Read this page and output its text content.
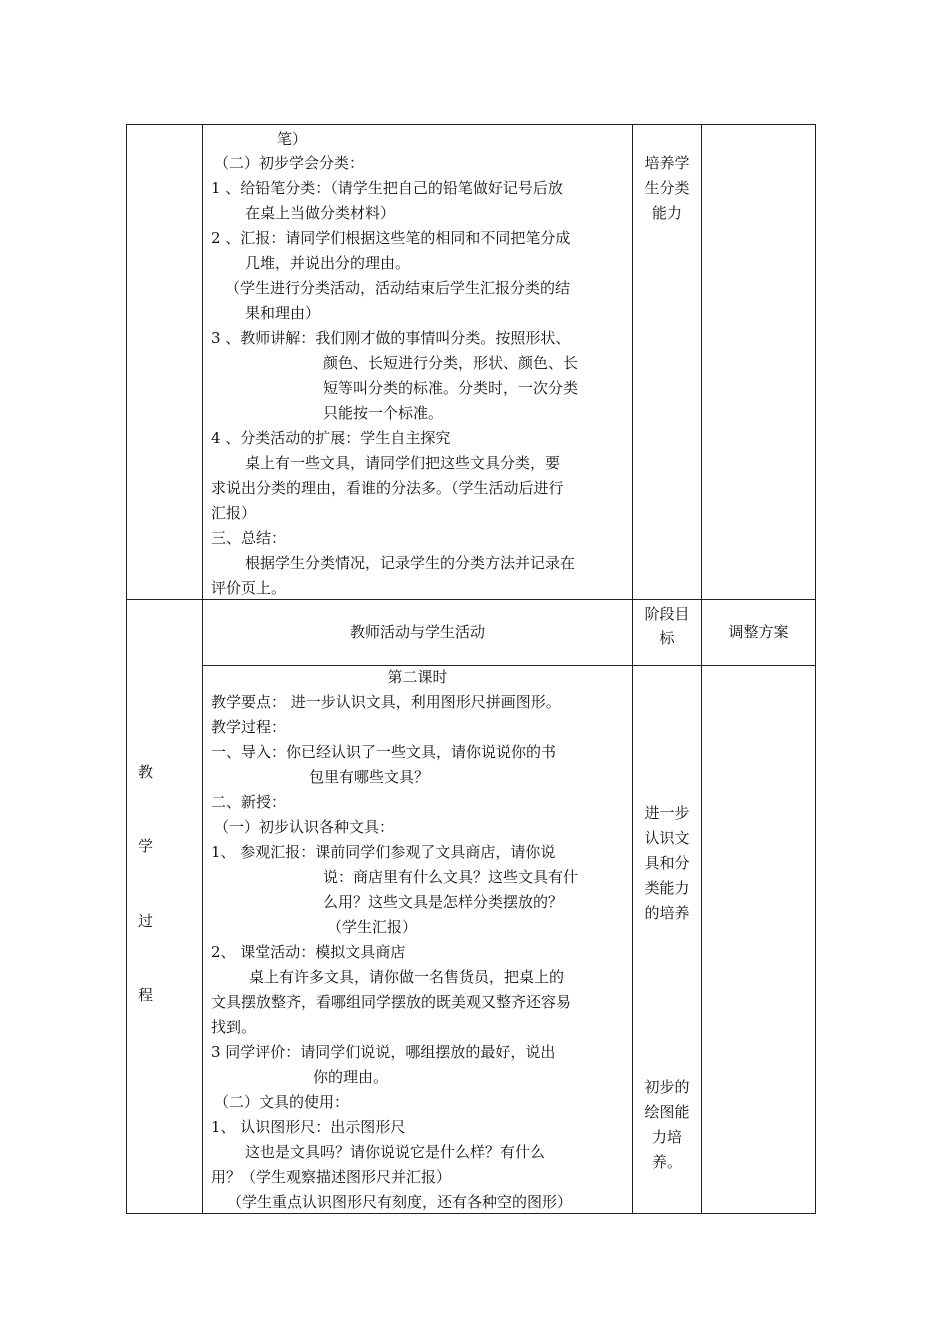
笔）
（二）初步学会分类：
1 、给铅笔分类：（请学生把自己的铅笔做好记号后放
在桌上当做分类材料）
2 、汇报：请同学们根据这些笔的相同和不同把笔分成
几堆，并说出分的理由。
（学生进行分类活动，活动结束后学生汇报分类的结
果和理由）
3 、教师讲解：我们刚才做的事情叫分类。按照形状、
颜色、长短进行分类，形状、颜色、长
短等叫分类的标准。分类时，一次分类
只能按一个标准。
4 、分类活动的扩展：学生自主探究
桌上有一些文具，请同学们把这些文具分类，要
求说出分类的理由，看谁的分法多。（学生活动后进行
汇报）
三、总结：
根据学生分类情况，记录学生的分类方法并记录在
评价页上。
培养学
生分类
能力
教师活动与学生活动
阶段目
标	调整方案
教
学
过
程
第二课时
教学要点： 进一步认识文具，利用图形尺拼画图形。
教学过程：
一、导入：你已经认识了一些文具，请你说说你的书
包里有哪些文具？
二、新授：
（一）初步认识各种文具：
1、 参观汇报：课前同学们参观了文具商店，请你说
说：商店里有什么文具？这些文具有什
么用？这些文具是怎样分类摆放的？
（学生汇报）
2、 课堂活动：模拟文具商店
桌上有许多文具，请你做一名售货员，把桌上的
文具摆放整齐，看哪组同学摆放的既美观又整齐还容易
找到。
3 同学评价：请同学们说说，哪组摆放的最好，说出
你的理由。
（二）文具的使用：
1、 认识图形尺：出示图形尺
这也是文具吗？请你说说它是什么样？有什么
用？（学生观察描述图形尺并汇报）
（学生重点认识图形尺有刻度，还有各种空的图形）
进一步
认识文
具和分
类能力
的培养
初步的
绘图能
力培
养。
